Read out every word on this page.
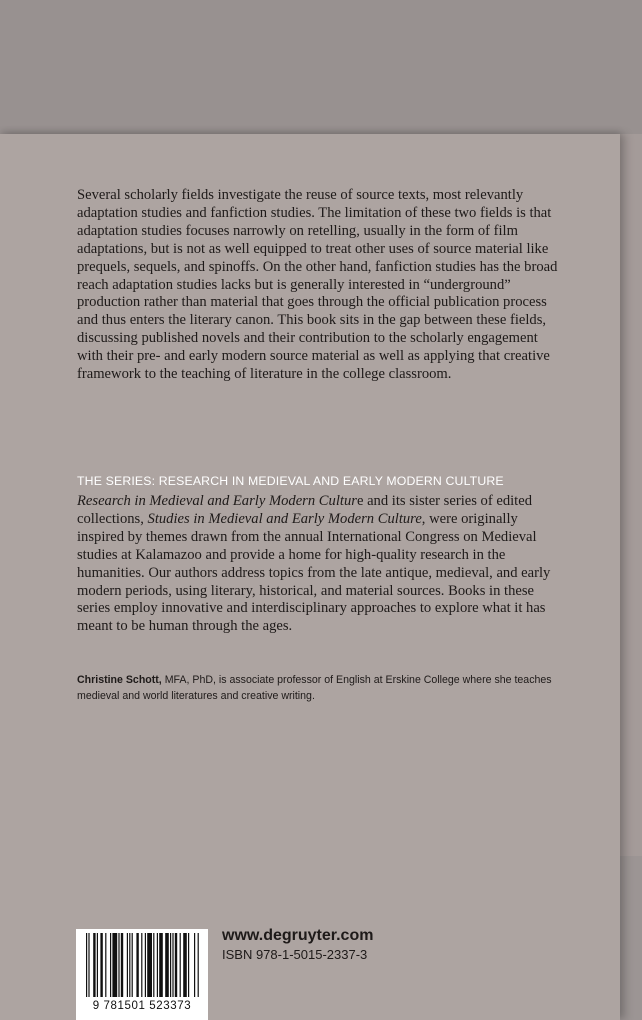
Several scholarly fields investigate the reuse of source texts, most relevantly adaptation studies and fanfiction studies. The limitation of these two fields is that adaptation studies focuses narrowly on retelling, usually in the form of film adaptations, but is not as well equipped to treat other uses of source material like prequels, sequels, and spinoffs. On the other hand, fanfiction studies has the broad reach adaptation studies lacks but is generally interested in “underground” production rather than material that goes through the official publication process and thus enters the literary canon. This book sits in the gap between these fields, discussing published novels and their contribution to the scholarly engagement with their pre- and early modern source material as well as applying that creative framework to the teaching of literature in the college classroom.

THE SERIES: RESEARCH IN MEDIEVAL AND EARLY MODERN CULTURE

Research in Medieval and Early Modern Culture and its sister series of edited collections, Studies in Medieval and Early Modern Culture, were originally inspired by themes drawn from the annual International Congress on Medieval studies at Kalamazoo and provide a home for high-quality research in the humanities. Our authors address topics from the late antique, medieval, and early modern periods, using literary, historical, and material sources. Books in these series employ innovative and interdisciplinary approaches to explore what it has meant to be human through the ages.

Christine Schott, MFA, PhD, is associate professor of English at Erskine College where she teaches medieval and world literatures and creative writing.

9 781501 523373

www.degruyter.com

ISBN 978-1-5015-2337-3
